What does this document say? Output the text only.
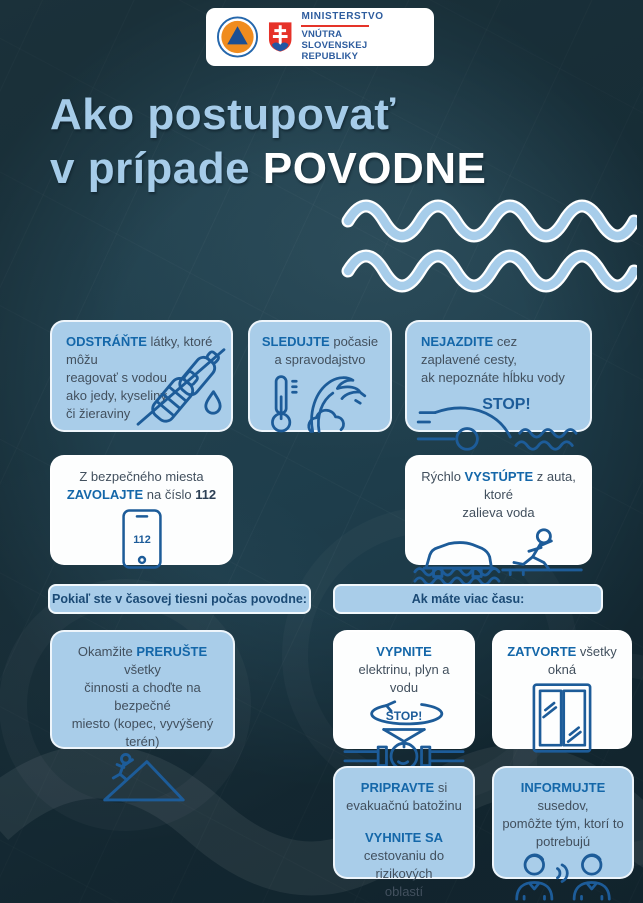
MINISTERSTVO
VNÚTRA
SLOVENSKEJ REPUBLIKY
Ako postupovať
v prípade POVODNE

ODSTRÁŇTE látky, ktoré môžu
reagovať s vodou
ako jedy, kyseliny
či žieraviny

SLEDUJTE počasie
a spravodajstvo

NEJAZDITE cez zaplavené cesty,
ak nepoznáte hĺbku vody

STOP!

Z bezpečného miesta
ZAVOLAJTE na číslo 112

112

Rýchlo VYSTÚPTE z auta, ktoré
zalieva voda

Pokiaľ ste v časovej tiesni počas povodne:	Ak máte viac času:

Okamžite PRERUŠTE všetky
činnosti a choďte na bezpečné
miesto (kopec, vyvýšený terén)

VYPNITE
elektrinu, plyn a vodu

STOP!

ZATVORTE všetky okná

PRIPRAVTE si
evakuačnú batožinu
VYHNITE SA
cestovaniu do rizikových
oblastí

INFORMUJTE susedov,
pomôžte tým, ktorí to
potrebujú
